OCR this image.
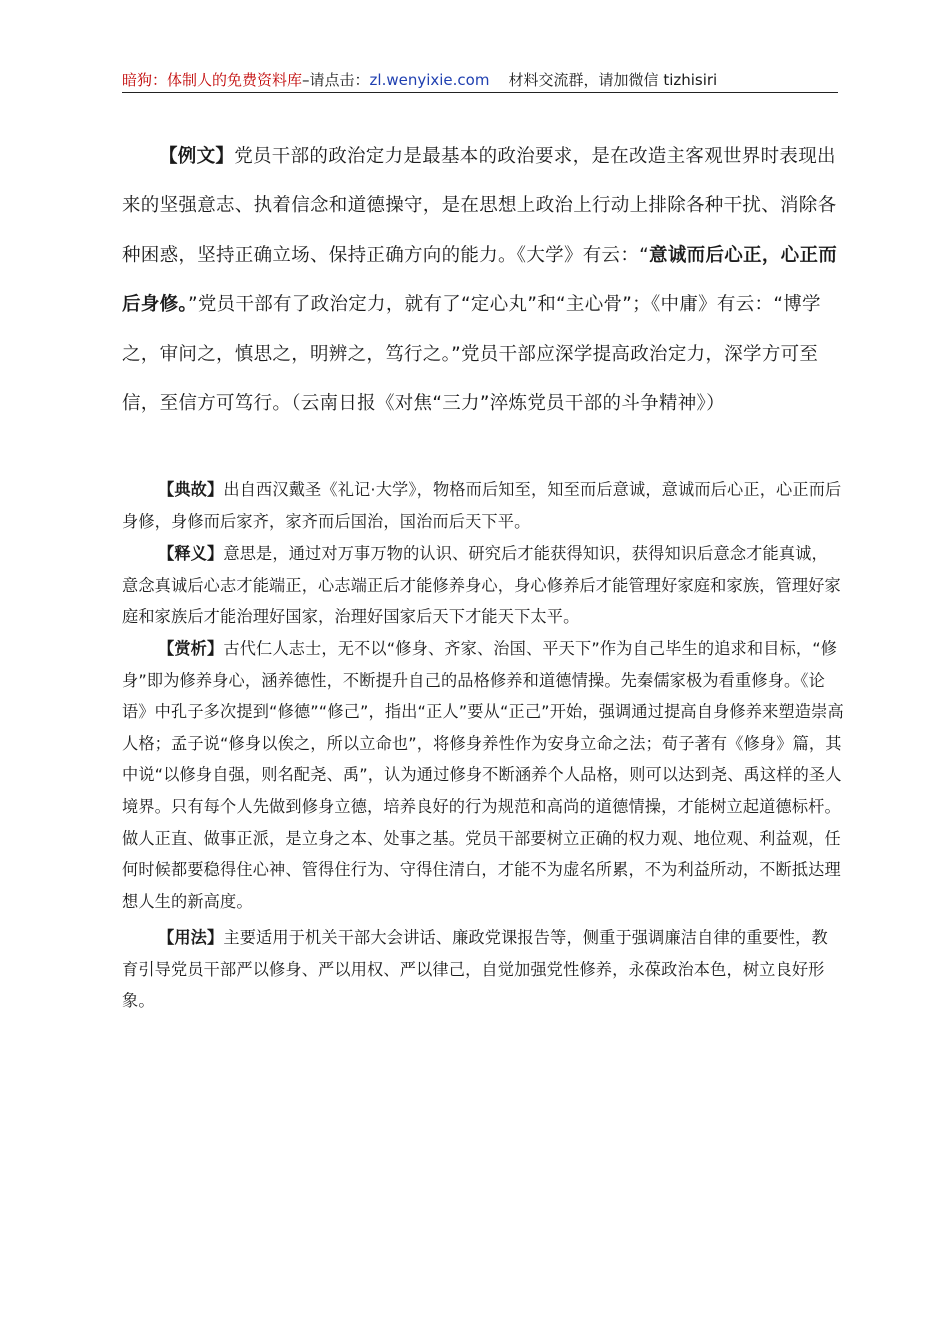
暗狗：体制人的免费资料库–请点击：zl.wenyixie.com 材料交流群，请加微信 tizhisiri

【例文】党员干部的政治定力是最基本的政治要求，是在改造主客观世界时表现出来的坚强意志、执着信念和道德操守，是在思想上政治上行动上排除各种干扰、消除各种困惑，坚持正确立场、保持正确方向的能力。《大学》有云：“意诚而后心正，心正而后身修。”党员干部有了政治定力，就有了“定心丸”和“主心骨”；《中庸》有云：“博学之，审问之，慎思之，明辨之，笃行之。”党员干部应深学提高政治定力，深学方可至信，至信方可笃行。（云南日报《对焦“三力”淬炼党员干部的斗争精神》）

【典故】出自西汉戴圣《礼记·大学》，物格而后知至，知至而后意诚，意诚而后心正，心正而后身修，身修而后家齐，家齐而后国治，国治而后天下平。

【释义】意思是，通过对万事万物的认识、研究后才能获得知识，获得知识后意念才能真诚，意念真诚后心志才能端正，心志端正后才能修养身心，身心修养后才能管理好家庭和家族，管理好家庭和家族后才能治理好国家，治理好国家后天下才能天下太平。

【赏析】古代仁人志士，无不以“修身、齐家、治国、平天下”作为自己毕生的追求和目标，“修身”即为修养身心，涵养德性，不断提升自己的品格修养和道德情操。先秦儒家极为看重修身。《论语》中孔子多次提到“修德”“修己”，指出“正人”要从“正己”开始，强调通过提高自身修养来塑造崇高人格；孟子说“修身以俟之，所以立命也”，将修身养性作为安身立命之法；荀子著有《修身》篇，其中说“以修身自强，则名配尧、禹”，认为通过修身不断涵养个人品格，则可以达到尧、禹这样的圣人境界。只有每个人先做到修身立德，培养良好的行为规范和高尚的道德情操，才能树立起道德标杆。做人正直、做事正派，是立身之本、处事之基。党员干部要树立正确的权力观、地位观、利益观，任何时候都要稳得住心神、管得住行为、守得住清白，才能不为虚名所累，不为利益所动，不断抵达理想人生的新高度。

【用法】主要适用于机关干部大会讲话、廉政党课报告等，侧重于强调廉洁自律的重要性，教育引导党员干部严以修身、严以用权、严以律己，自觉加强党性修养，永葆政治本色，树立良好形象。
